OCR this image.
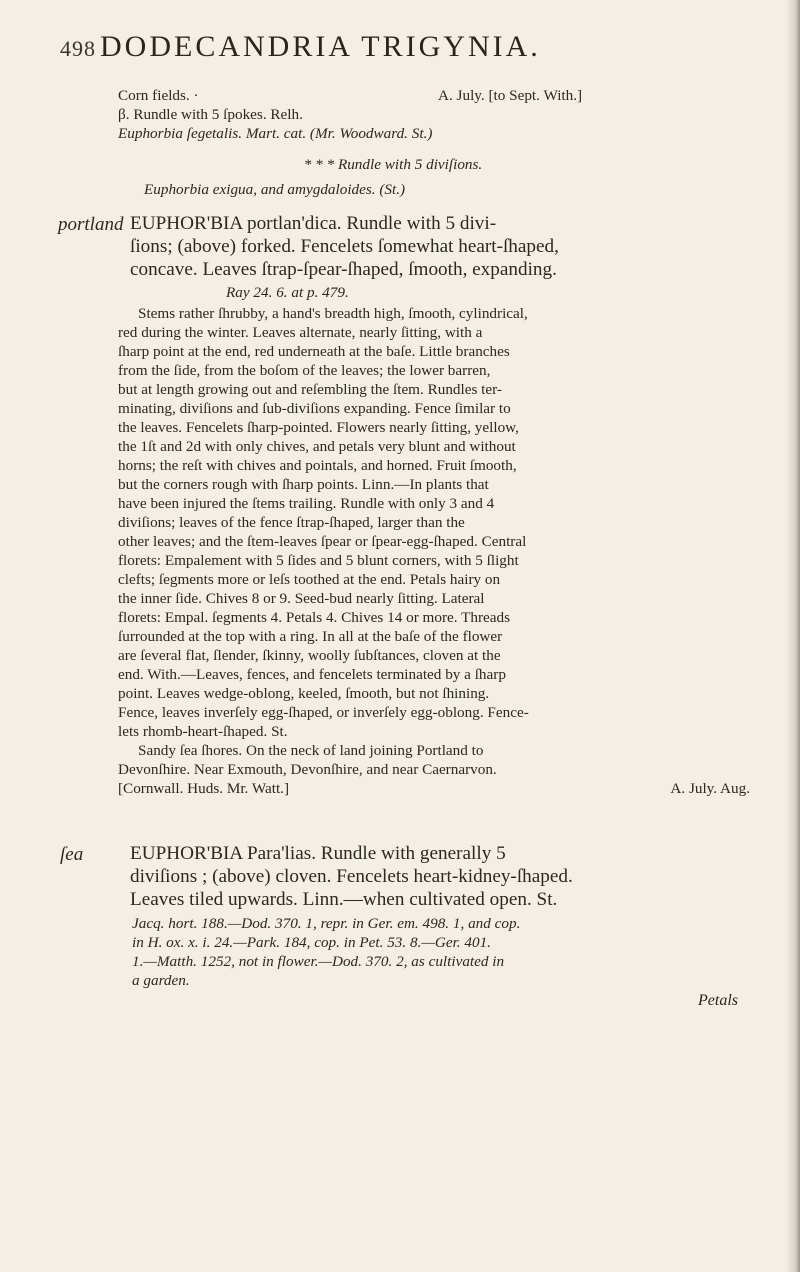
498 DODECANDRIA TRIGYNIA.
Corn fields. ·	A. July. [to Sept. With.]
β. Rundle with 5 ſpokes. Relh.
Euphorbia ſegetalis. Mart. cat. (Mr. Woodward. St.)
* * * Rundle with 5 diviſions.
Euphorbia exigua, and amygdaloides. (St.)
portland EUPHOR'BIA portlan'dica. Rundle with 5 divi-
ſions; (above) forked. Fencelets ſomewhat heart-ſhaped,
concave. Leaves ſtrap-ſpear-ſhaped, ſmooth, expanding.
Ray 24. 6. at p. 479.
Stems rather ſhrubby, a hand's breadth high, ſmooth, cylindrical,
red during the winter. Leaves alternate, nearly ſitting, with a
ſharp point at the end, red underneath at the baſe. Little branches
from the ſide, from the boſom of the leaves; the lower barren,
but at length growing out and reſembling the ſtem. Rundles ter-
minating, diviſions and ſub-diviſions expanding. Fence ſimilar to
the leaves. Fencelets ſharp-pointed. Flowers nearly ſitting, yellow,
the 1ſt and 2d with only chives, and petals very blunt and without
horns; the reſt with chives and pointals, and horned. Fruit ſmooth,
but the corners rough with ſharp points. Linn.—In plants that
have been injured the ſtems trailing. Rundle with only 3 and 4
diviſions; leaves of the fence ſtrap-ſhaped, larger than the
other leaves; and the ſtem-leaves ſpear or ſpear-egg-ſhaped. Central
florets: Empalement with 5 ſides and 5 blunt corners, with 5 ſlight
clefts; ſegments more or leſs toothed at the end. Petals hairy on
the inner ſide. Chives 8 or 9. Seed-bud nearly ſitting. Lateral
florets: Empal. ſegments 4. Petals 4. Chives 14 or more. Threads
ſurrounded at the top with a ring. In all at the baſe of the flower
are ſeveral flat, ſlender, ſkinny, woolly ſubſtances, cloven at the
end. With.—Leaves, fences, and fencelets terminated by a ſharp
point. Leaves wedge-oblong, keeled, ſmooth, but not ſhining.
Fence, leaves inverſely egg-ſhaped, or inverſely egg-oblong. Fence-
lets rhomb-heart-ſhaped. St.
Sandy ſea ſhores. On the neck of land joining Portland to
Devonſhire. Near Exmouth, Devonſhire, and near Caernarvon.
[Cornwall. Huds. Mr. Watt.]	A. July. Aug.
ſea EUPHOR'BIA Para'lias. Rundle with generally 5
diviſions ; (above) cloven. Fencelets heart-kidney-ſhaped.
Leaves tiled upwards. Linn.—when cultivated open. St.
Jacq. hort. 188.—Dod. 370. 1, repr. in Ger. em. 498. 1, and cop.
in H. ox. x. i. 24.—Park. 184, cop. in Pet. 53. 8.—Ger. 401.
1.—Matth. 1252, not in flower.—Dod. 370. 2, as cultivated in
a garden.
Petals
